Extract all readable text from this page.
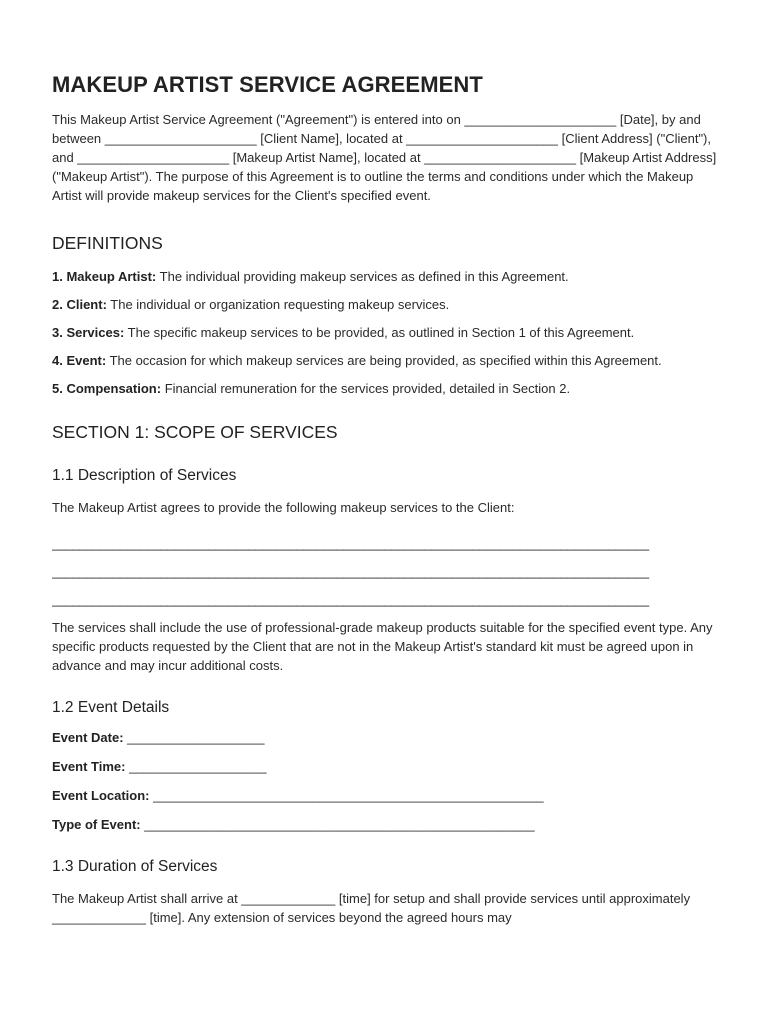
MAKEUP ARTIST SERVICE AGREEMENT

This Makeup Artist Service Agreement ("Agreement") is entered into on _____________________ [Date], by and between _____________________ [Client Name], located at _____________________ [Client Address] ("Client"), and _____________________ [Makeup Artist Name], located at _____________________ [Makeup Artist Address] ("Makeup Artist"). The purpose of this Agreement is to outline the terms and conditions under which the Makeup Artist will provide makeup services for the Client's specified event.

DEFINITIONS

1. Makeup Artist: The individual providing makeup services as defined in this Agreement.

2. Client: The individual or organization requesting makeup services.

3. Services: The specific makeup services to be provided, as outlined in Section 1 of this Agreement.

4. Event: The occasion for which makeup services are being provided, as specified within this Agreement.

5. Compensation: Financial remuneration for the services provided, detailed in Section 2.

SECTION 1: SCOPE OF SERVICES
1.1 Description of Services

The Makeup Artist agrees to provide the following makeup services to the Client:

________________________________________________________________________________________
________________________________________________________________________________________
________________________________________________________________________________________

The services shall include the use of professional-grade makeup products suitable for the specified event type. Any specific products requested by the Client that are not in the Makeup Artist's standard kit must be agreed upon in advance and may incur additional costs.

1.2 Event Details

Event Date: ___________________

Event Time: ___________________

Event Location: ______________________________________________________

Type of Event: ______________________________________________________

1.3 Duration of Services

The Makeup Artist shall arrive at _____________ [time] for setup and shall provide services until approximately _____________ [time]. Any extension of services beyond the agreed hours may
